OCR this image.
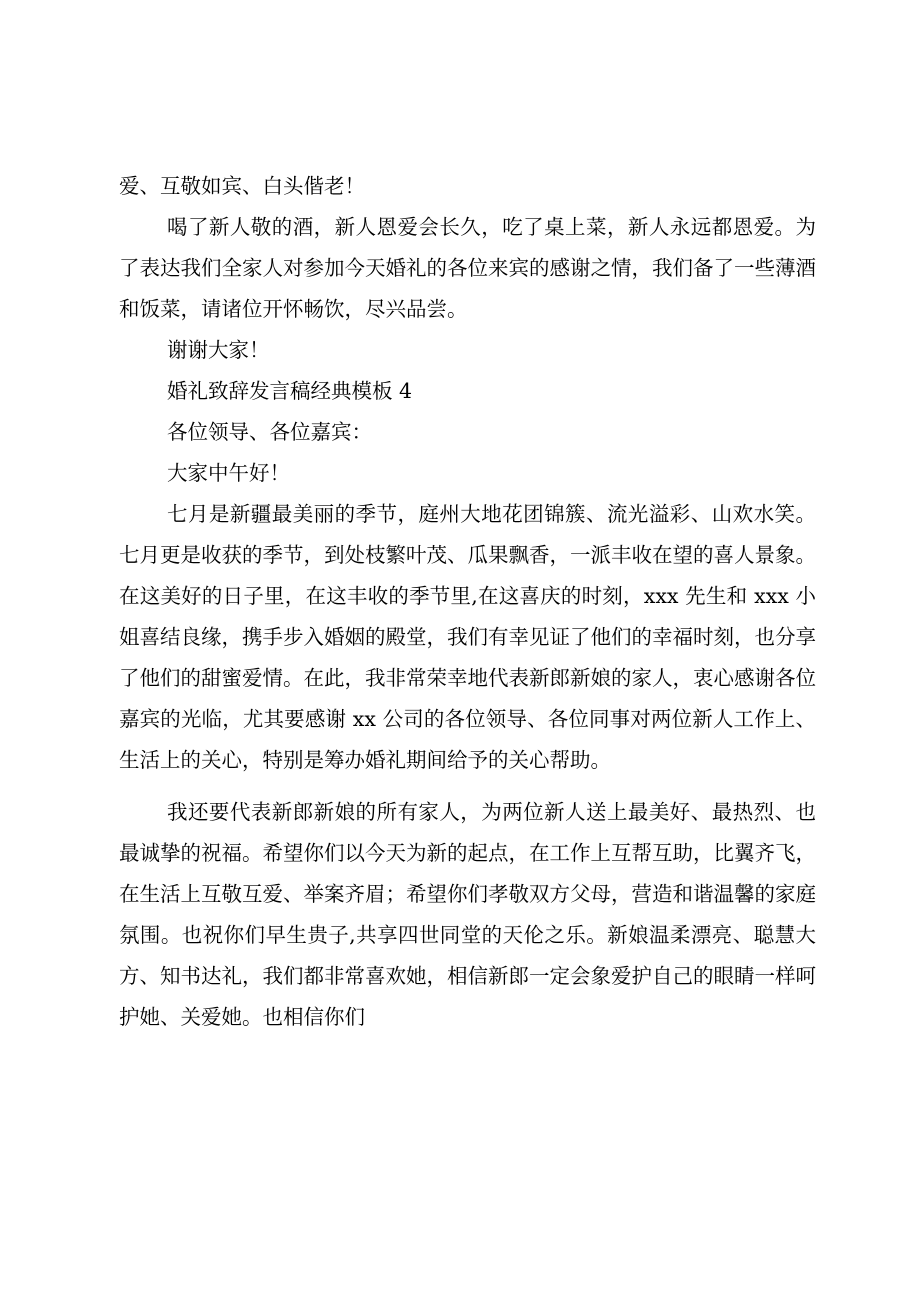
爱、互敬如宾、白头偕老！

喝了新人敬的酒，新人恩爱会长久，吃了桌上菜，新人永远都恩爱。为了表达我们全家人对参加今天婚礼的各位来宾的感谢之情，我们备了一些薄酒和饭菜，请诸位开怀畅饮，尽兴品尝。

谢谢大家！

婚礼致辞发言稿经典模板 4

各位领导、各位嘉宾：

大家中午好！

七月是新疆最美丽的季节，庭州大地花团锦簇、流光溢彩、山欢水笑。七月更是收获的季节，到处枝繁叶茂、瓜果飘香，一派丰收在望的喜人景象。在这美好的日子里，在这丰收的季节里,在这喜庆的时刻，xxx 先生和 xxx 小姐喜结良缘，携手步入婚姻的殿堂，我们有幸见证了他们的幸福时刻，也分享了他们的甜蜜爱情。在此，我非常荣幸地代表新郎新娘的家人，衷心感谢各位嘉宾的光临，尤其要感谢 xx 公司的各位领导、各位同事对两位新人工作上、生活上的关心，特别是筹办婚礼期间给予的关心帮助。

我还要代表新郎新娘的所有家人，为两位新人送上最美好、最热烈、也最诚挚的祝福。希望你们以今天为新的起点，在工作上互帮互助，比翼齐飞，在生活上互敬互爱、举案齐眉；希望你们孝敬双方父母，营造和谐温馨的家庭氛围。也祝你们早生贵子,共享四世同堂的天伦之乐。新娘温柔漂亮、聪慧大方、知书达礼，我们都非常喜欢她，相信新郎一定会象爱护自己的眼睛一样呵护她、关爱她。也相信你们
